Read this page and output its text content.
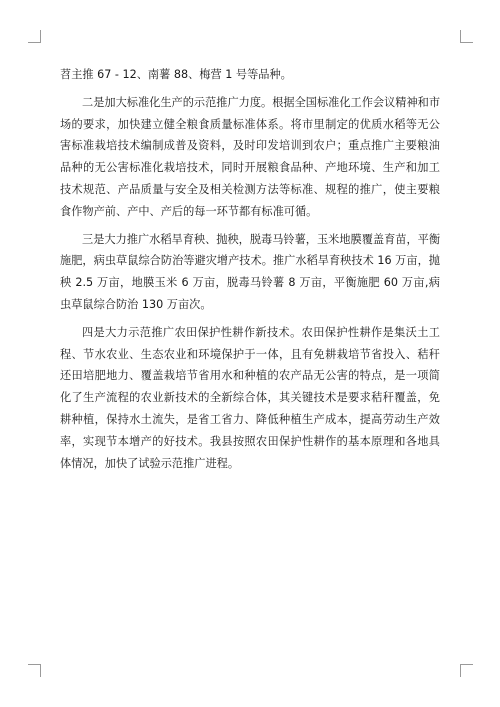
苕主推 67 - 12、南薯 88、梅营 1 号等品种。

二是加大标准化生产的示范推广力度。根据全国标准化工作会议精神和市场的要求，加快建立健全粮食质量标准体系。将市里制定的优质水稻等无公害标准栽培技术编制成普及资料，及时印发培训到农户；重点推广主要粮油品种的无公害标准化栽培技术，同时开展粮食品种、产地环境、生产和加工技术规范、产品质量与安全及相关检测方法等标准、规程的推广，使主要粮食作物产前、产中、产后的每一环节都有标准可循。

三是大力推广水稻旱育秧、抛秧，脱毒马铃薯，玉米地膜覆盖育苗，平衡施肥，病虫草鼠综合防治等避灾增产技术。推广水稻旱育秧技术 16 万亩，抛秧 2.5 万亩，地膜玉米 6 万亩，脱毒马铃薯 8 万亩，平衡施肥 60 万亩,病虫草鼠综合防治 130 万亩次。

四是大力示范推广农田保护性耕作新技术。农田保护性耕作是集沃土工程、节水农业、生态农业和环境保护于一体，且有免耕栽培节省投入、秸秆还田培肥地力、覆盖栽培节省用水和种植的农产品无公害的特点，是一项简化了生产流程的农业新技术的全新综合体，其关键技术是要求秸秆覆盖，免耕种植，保持水土流失，是省工省力、降低种植生产成本，提高劳动生产效率，实现节本增产的好技术。我县按照农田保护性耕作的基本原理和各地具体情况，加快了试验示范推广进程。
